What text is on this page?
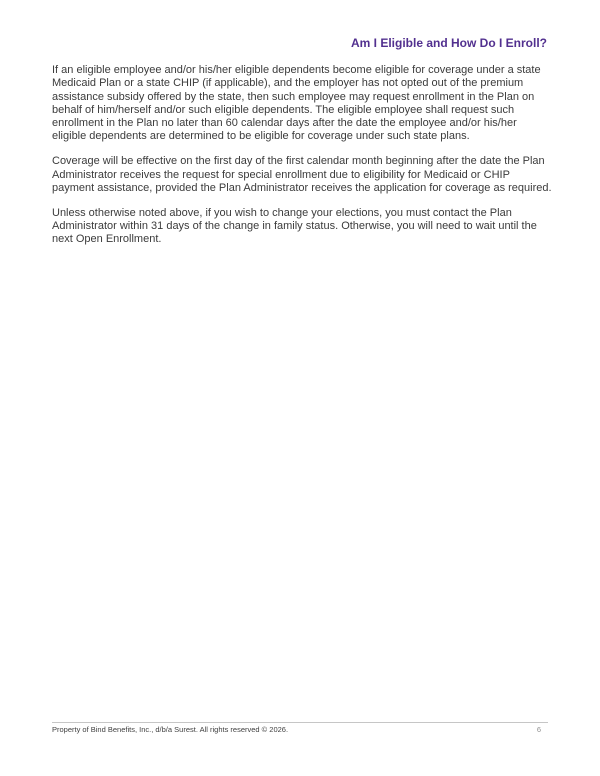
Am I Eligible and How Do I Enroll?

If an eligible employee and/or his/her eligible dependents become eligible for coverage under a state Medicaid Plan or a state CHIP (if applicable), and the employer has not opted out of the premium assistance subsidy offered by the state, then such employee may request enrollment in the Plan on behalf of him/herself and/or such eligible dependents. The eligible employee shall request such enrollment in the Plan no later than 60 calendar days after the date the employee and/or his/her eligible dependents are determined to be eligible for coverage under such state plans.

Coverage will be effective on the first day of the first calendar month beginning after the date the Plan Administrator receives the request for special enrollment due to eligibility for Medicaid or CHIP payment assistance, provided the Plan Administrator receives the application for coverage as required.

Unless otherwise noted above, if you wish to change your elections, you must contact the Plan Administrator within 31 days of the change in family status. Otherwise, you will need to wait until the next Open Enrollment.

Property of Bind Benefits, Inc., d/b/a Surest. All rights reserved © 2026.	6
